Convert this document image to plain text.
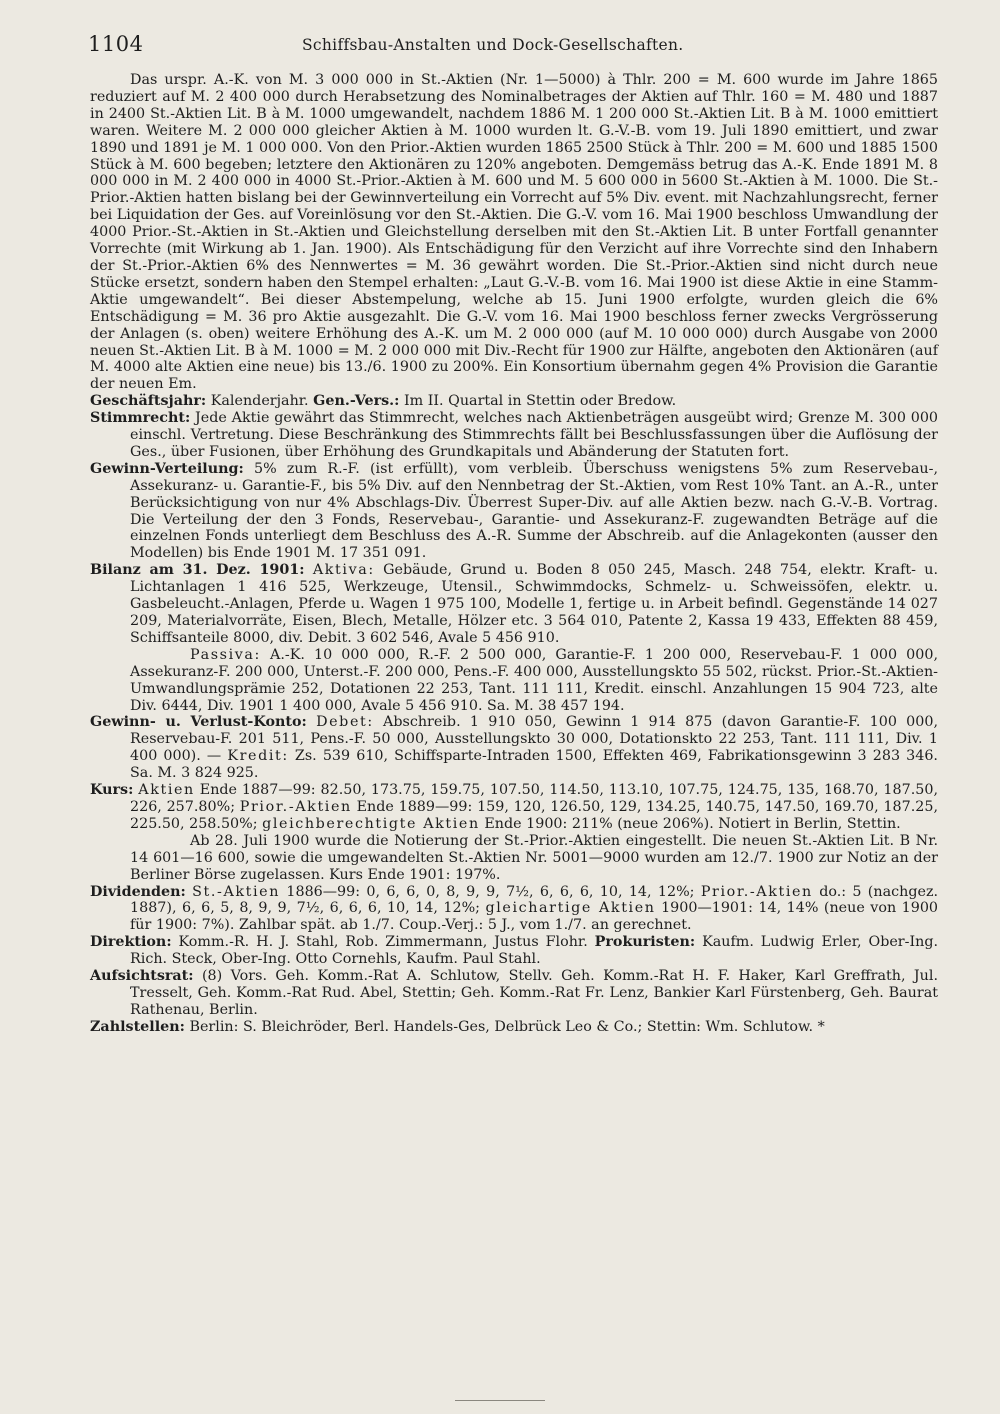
1104	Schiffsbau-Anstalten und Dock-Gesellschaften.

Das urspr. A.-K. von M. 3 000 000 in St.-Aktien (Nr. 1—5000) à Thlr. 200 = M. 600 wurde im Jahre 1865 reduziert auf M. 2 400 000 durch Herabsetzung des Nominalbetrages der Aktien auf Thlr. 160 = M. 480 und 1887 in 2400 St.-Aktien Lit. B à M. 1000 umgewandelt, nachdem 1886 M. 1 200 000 St.-Aktien Lit. B à M. 1000 emittiert waren. Weitere M. 2 000 000 gleicher Aktien à M. 1000 wurden lt. G.-V.-B. vom 19. Juli 1890 emittiert, und zwar 1890 und 1891 je M. 1 000 000. Von den Prior.-Aktien wurden 1865 2500 Stück à Thlr. 200 = M. 600 und 1885 1500 Stück à M. 600 begeben; letztere den Aktionären zu 120% angeboten. Demgemäss betrug das A.-K. Ende 1891 M. 8 000 000 in M. 2 400 000 in 4000 St.-Prior.-Aktien à M. 600 und M. 5 600 000 in 5600 St.-Aktien à M. 1000. Die St.-Prior.-Aktien hatten bislang bei der Gewinnverteilung ein Vorrecht auf 5% Div. event. mit Nachzahlungsrecht, ferner bei Liquidation der Ges. auf Voreinlösung vor den St.-Aktien. Die G.-V. vom 16. Mai 1900 beschloss Umwandlung der 4000 Prior.-St.-Aktien in St.-Aktien und Gleichstellung derselben mit den St.-Aktien Lit. B unter Fortfall genannter Vorrechte (mit Wirkung ab 1. Jan. 1900). Als Entschädigung für den Verzicht auf ihre Vorrechte sind den Inhabern der St.-Prior.-Aktien 6% des Nennwertes = M. 36 gewährt worden. Die St.-Prior.-Aktien sind nicht durch neue Stücke ersetzt, sondern haben den Stempel erhalten: „Laut G.-V.-B. vom 16. Mai 1900 ist diese Aktie in eine Stamm-Aktie umgewandelt“. Bei dieser Abstempelung, welche ab 15. Juni 1900 erfolgte, wurden gleich die 6% Entschädigung = M. 36 pro Aktie ausgezahlt. Die G.-V. vom 16. Mai 1900 beschloss ferner zwecks Vergrösserung der Anlagen (s. oben) weitere Erhöhung des A.-K. um M. 2 000 000 (auf M. 10 000 000) durch Ausgabe von 2000 neuen St.-Aktien Lit. B à M. 1000 = M. 2 000 000 mit Div.-Recht für 1900 zur Hälfte, angeboten den Aktionären (auf M. 4000 alte Aktien eine neue) bis 13./6. 1900 zu 200%. Ein Konsortium übernahm gegen 4% Provision die Garantie der neuen Em.

Geschäftsjahr: Kalenderjahr. Gen.-Vers.: Im II. Quartal in Stettin oder Bredow.

Stimmrecht: Jede Aktie gewährt das Stimmrecht, welches nach Aktienbeträgen ausgeübt wird; Grenze M. 300 000 einschl. Vertretung. Diese Beschränkung des Stimmrechts fällt bei Beschlussfassungen über die Auflösung der Ges., über Fusionen, über Erhöhung des Grundkapitals und Abänderung der Statuten fort.

Gewinn-Verteilung: 5% zum R.-F. (ist erfüllt), vom verbleib. Überschuss wenigstens 5% zum Reservebau-, Assekuranz- u. Garantie-F., bis 5% Div. auf den Nennbetrag der St.-Aktien, vom Rest 10% Tant. an A.-R., unter Berücksichtigung von nur 4% Abschlags-Div. Überrest Super-Div. auf alle Aktien bezw. nach G.-V.-B. Vortrag. Die Verteilung der den 3 Fonds, Reservebau-, Garantie- und Assekuranz-F. zugewandten Beträge auf die einzelnen Fonds unterliegt dem Beschluss des A.-R. Summe der Abschreib. auf die Anlagekonten (ausser den Modellen) bis Ende 1901 M. 17 351 091.

Bilanz am 31. Dez. 1901: Aktiva: Gebäude, Grund u. Boden 8 050 245, Masch. 248 754, elektr. Kraft- u. Lichtanlagen 1 416 525, Werkzeuge, Utensil., Schwimmdocks, Schmelz- u. Schweissöfen, elektr. u. Gasbeleucht.-Anlagen, Pferde u. Wagen 1 975 100, Modelle 1, fertige u. in Arbeit befindl. Gegenstände 14 027 209, Materialvorräte, Eisen, Blech, Metalle, Hölzer etc. 3 564 010, Patente 2, Kassa 19 433, Effekten 88 459, Schiffsanteile 8000, div. Debit. 3 602 546, Avale 5 456 910.

Passiva: A.-K. 10 000 000, R.-F. 2 500 000, Garantie-F. 1 200 000, Reservebau-F. 1 000 000, Assekuranz-F. 200 000, Unterst.-F. 200 000, Pens.-F. 400 000, Ausstellungskto 55 502, rückst. Prior.-St.-Aktien-Umwandlungsprämie 252, Dotationen 22 253, Tant. 111 111, Kredit. einschl. Anzahlungen 15 904 723, alte Div. 6444, Div. 1901 1 400 000, Avale 5 456 910. Sa. M. 38 457 194.

Gewinn- u. Verlust-Konto: Debet: Abschreib. 1 910 050, Gewinn 1 914 875 (davon Garantie-F. 100 000, Reservebau-F. 201 511, Pens.-F. 50 000, Ausstellungskto 30 000, Dotationskto 22 253, Tant. 111 111, Div. 1 400 000). — Kredit: Zs. 539 610, Schiffsparte-Intraden 1500, Effekten 469, Fabrikationsgewinn 3 283 346. Sa. M. 3 824 925.

Kurs: Aktien Ende 1887—99: 82.50, 173.75, 159.75, 107.50, 114.50, 113.10, 107.75, 124.75, 135, 168.70, 187.50, 226, 257.80%; Prior.-Aktien Ende 1889—99: 159, 120, 126.50, 129, 134.25, 140.75, 147.50, 169.70, 187.25, 225.50, 258.50%; gleichberechtigte Aktien Ende 1900: 211% (neue 206%). Notiert in Berlin, Stettin.

Ab 28. Juli 1900 wurde die Notierung der St.-Prior.-Aktien eingestellt. Die neuen St.-Aktien Lit. B Nr. 14 601—16 600, sowie die umgewandelten St.-Aktien Nr. 5001—9000 wurden am 12./7. 1900 zur Notiz an der Berliner Börse zugelassen. Kurs Ende 1901: 197%.

Dividenden: St.-Aktien 1886—99: 0, 6, 6, 0, 8, 9, 9, 7½, 6, 6, 6, 10, 14, 12%; Prior.-Aktien do.: 5 (nachgez. 1887), 6, 6, 5, 8, 9, 9, 7½, 6, 6, 6, 10, 14, 12%; gleichartige Aktien 1900—1901: 14, 14% (neue von 1900 für 1900: 7%). Zahlbar spät. ab 1./7. Coup.-Verj.: 5 J., vom 1./7. an gerechnet.

Direktion: Komm.-R. H. J. Stahl, Rob. Zimmermann, Justus Flohr. Prokuristen: Kaufm. Ludwig Erler, Ober-Ing. Rich. Steck, Ober-Ing. Otto Cornehls, Kaufm. Paul Stahl.

Aufsichtsrat: (8) Vors. Geh. Komm.-Rat A. Schlutow, Stellv. Geh. Komm.-Rat H. F. Haker, Karl Greffrath, Jul. Tresselt, Geh. Komm.-Rat Rud. Abel, Stettin; Geh. Komm.-Rat Fr. Lenz, Bankier Karl Fürstenberg, Geh. Baurat Rathenau, Berlin.

Zahlstellen: Berlin: S. Bleichröder, Berl. Handels-Ges, Delbrück Leo & Co.; Stettin: Wm. Schlutow. *
